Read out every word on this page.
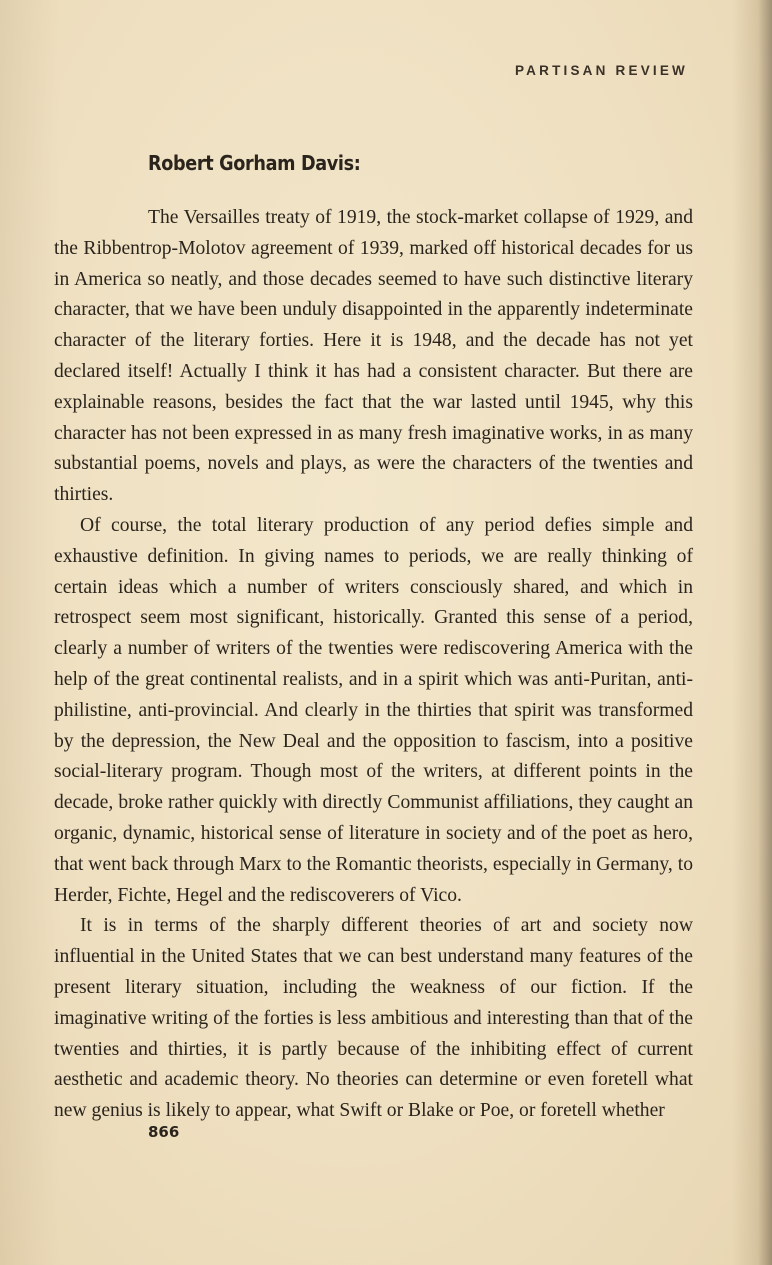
PARTISAN REVIEW
Robert Gorham Davis:

The Versailles treaty of 1919, the stock-market collapse of 1929, and the Ribbentrop-Molotov agreement of 1939, marked off historical decades for us in America so neatly, and those decades seemed to have such distinctive literary character, that we have been unduly disappointed in the apparently indeterminate character of the literary forties. Here it is 1948, and the decade has not yet declared itself! Actually I think it has had a consistent character. But there are explainable reasons, besides the fact that the war lasted until 1945, why this character has not been expressed in as many fresh imaginative works, in as many substantial poems, novels and plays, as were the characters of the twenties and thirties.

Of course, the total literary production of any period defies simple and exhaustive definition. In giving names to periods, we are really thinking of certain ideas which a number of writers consciously shared, and which in retrospect seem most significant, historically. Granted this sense of a period, clearly a number of writers of the twenties were rediscovering America with the help of the great continental realists, and in a spirit which was anti-Puritan, anti-philistine, anti-provincial. And clearly in the thirties that spirit was transformed by the depression, the New Deal and the opposition to fascism, into a positive social-literary program. Though most of the writers, at different points in the decade, broke rather quickly with directly Communist affiliations, they caught an organic, dynamic, historical sense of literature in society and of the poet as hero, that went back through Marx to the Romantic theorists, especially in Germany, to Herder, Fichte, Hegel and the rediscoverers of Vico.

It is in terms of the sharply different theories of art and society now influential in the United States that we can best understand many features of the present literary situation, including the weakness of our fiction. If the imaginative writing of the forties is less ambitious and interesting than that of the twenties and thirties, it is partly because of the inhibiting effect of current aesthetic and academic theory. No theories can determine or even foretell what new genius is likely to appear, what Swift or Blake or Poe, or foretell whether

866
